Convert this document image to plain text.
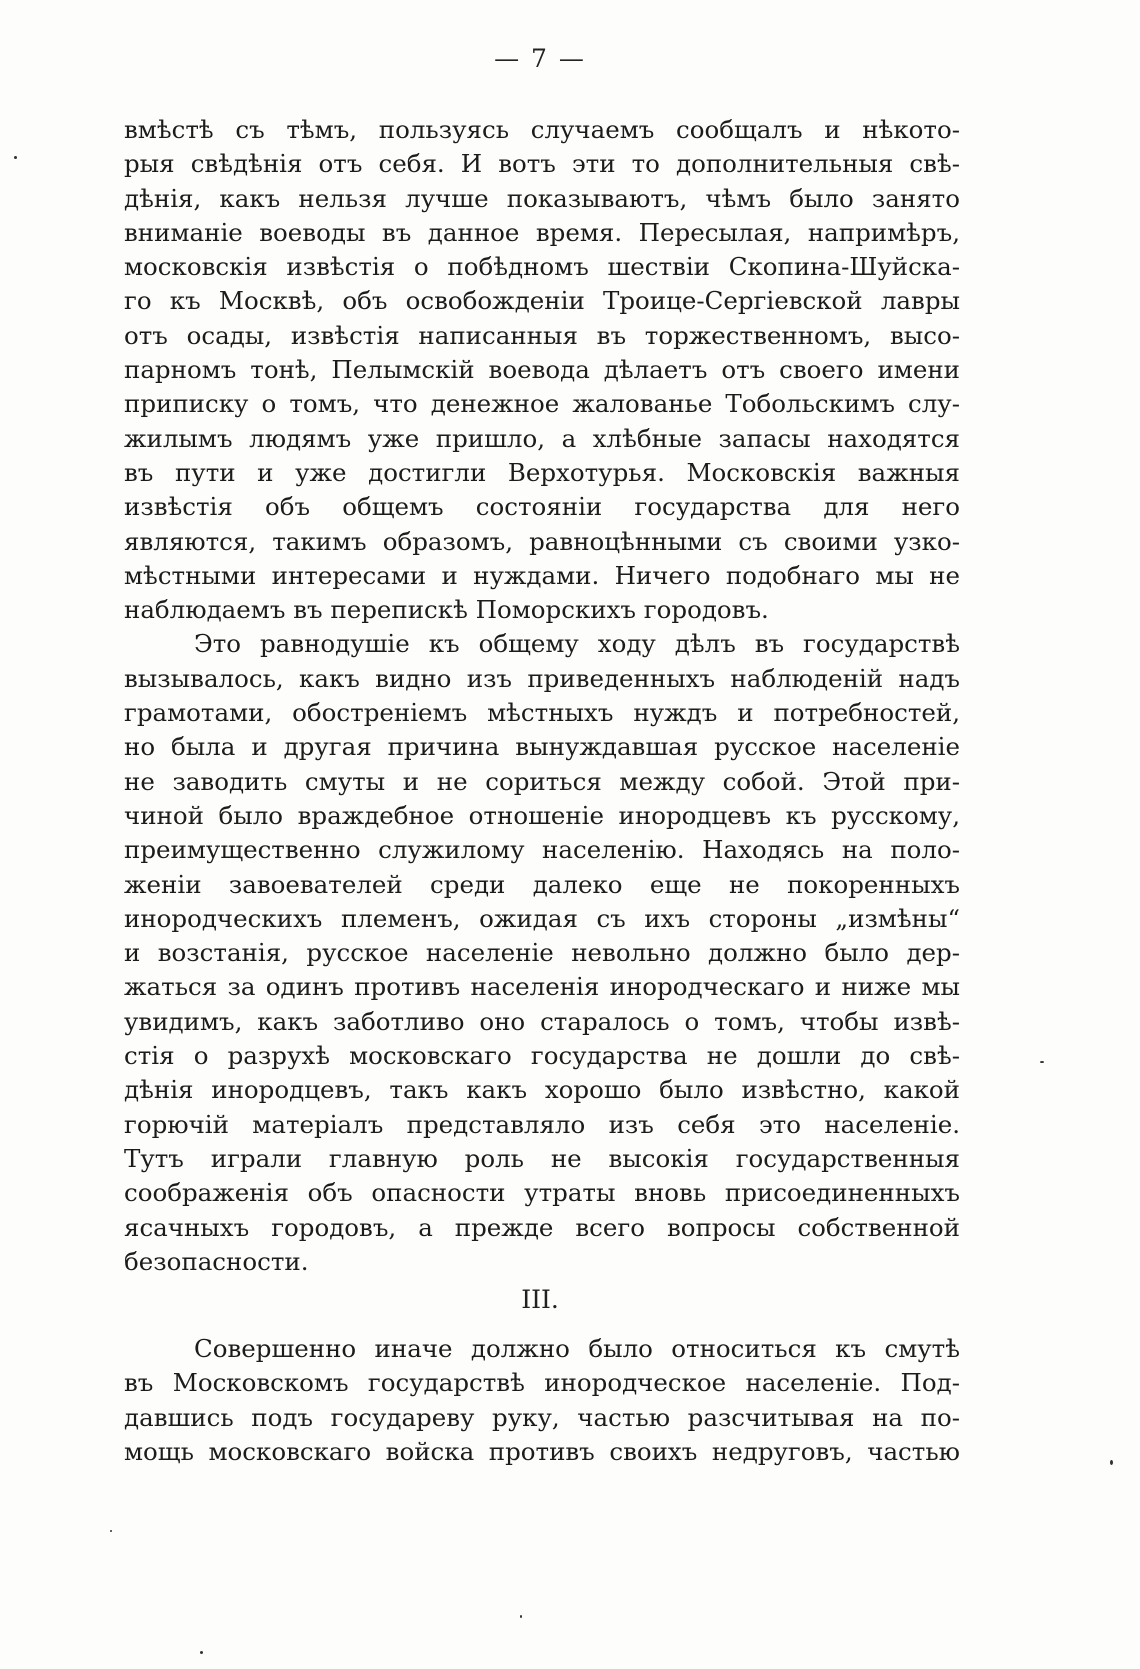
— 7 —
вмѣстѣ съ тѣмъ, пользуясь случаемъ сообщалъ и нѣкото-
рыя свѣдѣнія отъ себя. И вотъ эти то дополнительныя свѣ-
дѣнія, какъ нельзя лучше показываютъ, чѣмъ было занято
вниманіе воеводы въ данное время. Пересылая, напримѣръ,
московскія извѣстія о побѣдномъ шествіи Скопина-Шуйска-
го къ Москвѣ, объ освобожденіи Троице-Сергіевской лавры
отъ осады, извѣстія написанныя въ торжественномъ, высо-
парномъ тонѣ, Пелымскій воевода дѣлаетъ отъ своего имени
приписку о томъ, что денежное жалованье Тобольскимъ слу-
жилымъ людямъ уже пришло, а хлѣбные запасы находятся
въ пути и уже достигли Верхотурья. Московскія важныя
извѣстія объ общемъ состояніи государства для него
являются, такимъ образомъ, равноцѣнными съ своими узко-
мѣстными интересами и нуждами. Ничего подобнаго мы не
наблюдаемъ въ перепискѣ Поморскихъ городовъ.
Это равнодушіе къ общему ходу дѣлъ въ государствѣ
вызывалось, какъ видно изъ приведенныхъ наблюденій надъ
грамотами, обостреніемъ мѣстныхъ нуждъ и потребностей,
но была и другая причина вынуждавшая русское населеніе
не заводить смуты и не сориться между собой. Этой при-
чиной было враждебное отношеніе инородцевъ къ русскому,
преимущественно служилому населенію. Находясь на поло-
женіи завоевателей среди далеко еще не покоренныхъ
инородческихъ племенъ, ожидая съ ихъ стороны „измѣны“
и возстанія, русское населеніе невольно должно было дер-
жаться за одинъ противъ населенія инородческаго и ниже мы
увидимъ, какъ заботливо оно старалось о томъ, чтобы извѣ-
стія о разрухѣ московскаго государства не дошли до свѣ-
дѣнія инородцевъ, такъ какъ хорошо было извѣстно, какой
горючій матеріалъ представляло изъ себя это населеніе.
Тутъ играли главную роль не высокія государственныя
соображенія объ опасности утраты вновь присоединенныхъ
ясачныхъ городовъ, а прежде всего вопросы собственной
безопасности.
III.
Совершенно иначе должно было относиться къ смутѣ
въ Московскомъ государствѣ инородческое населеніе. Под-
давшись подъ государеву руку, частью разсчитывая на по-
мощь московскаго войска противъ своихъ недруговъ, частью
